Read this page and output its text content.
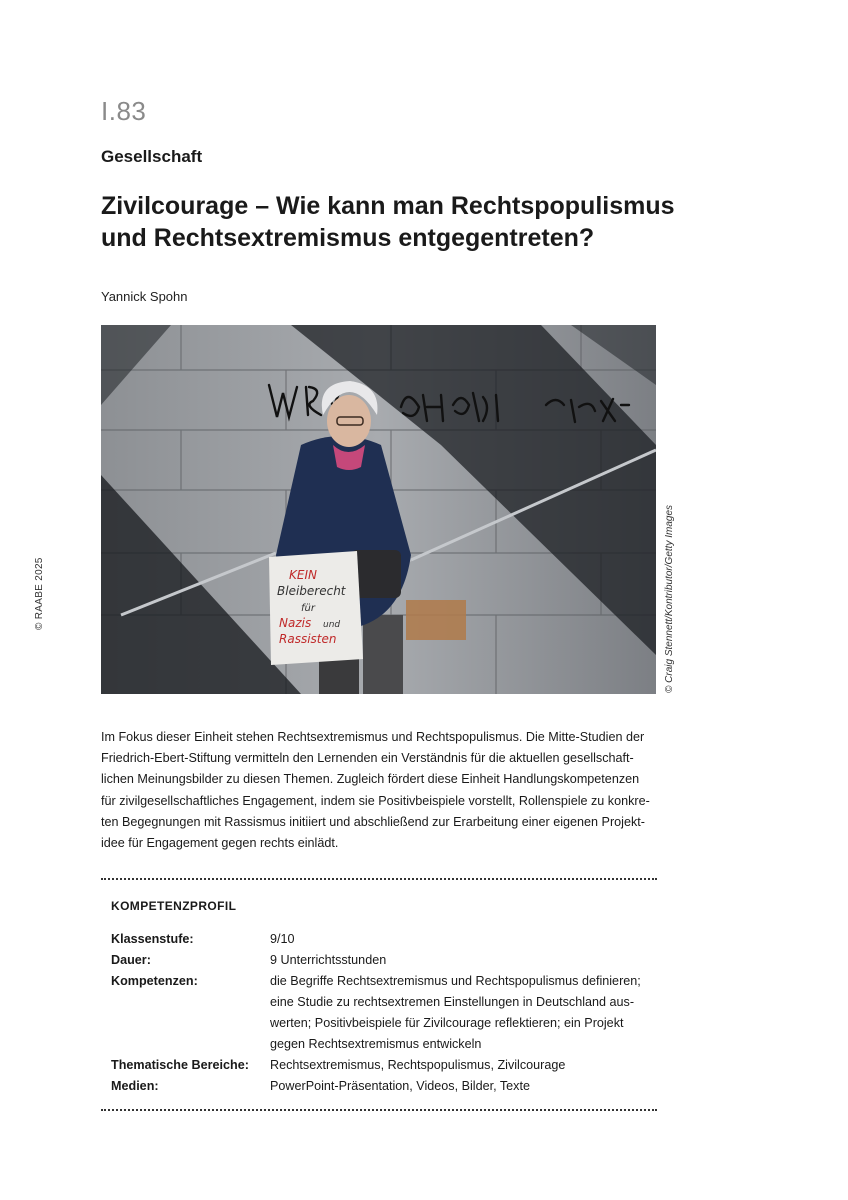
I.83
Gesellschaft
Zivilcourage – Wie kann man Rechtspopulismus
und Rechtsextremismus entgegentreten?
Yannick Spohn
© RAABE 2025	KEIN
Bleiberecht
für
Nazis und
Rassisten	© Craig Stennett/Kontributor/Getty Images
Im Fokus dieser Einheit stehen Rechtsextremismus und Rechtspopulismus. Die Mitte-Studien der
Friedrich-Ebert-Stiftung vermitteln den Lernenden ein Verständnis für die aktuellen gesellschaft-
lichen Meinungsbilder zu diesen Themen. Zugleich fördert diese Einheit Handlungskompetenzen
für zivilgesellschaftliches Engagement, indem sie Positivbeispiele vorstellt, Rollenspiele zu konkre-
ten Begegnungen mit Rassismus initiiert und abschließend zur Erarbeitung einer eigenen Projekt-
idee für Engagement gegen rechts einlädt.
KOMPETENZPROFIL
Klassenstufe:	9/10
Dauer:	9 Unterrichtsstunden
Kompetenzen:	die Begriffe Rechtsextremismus und Rechtspopulismus definieren;
eine Studie zu rechtsextremen Einstellungen in Deutschland aus-
werten; Positivbeispiele für Zivilcourage reflektieren; ein Projekt
gegen Rechtsextremismus entwickeln
Thematische Bereiche:	Rechtsextremismus, Rechtspopulismus, Zivilcourage
Medien:	PowerPoint-Präsentation, Videos, Bilder, Texte
